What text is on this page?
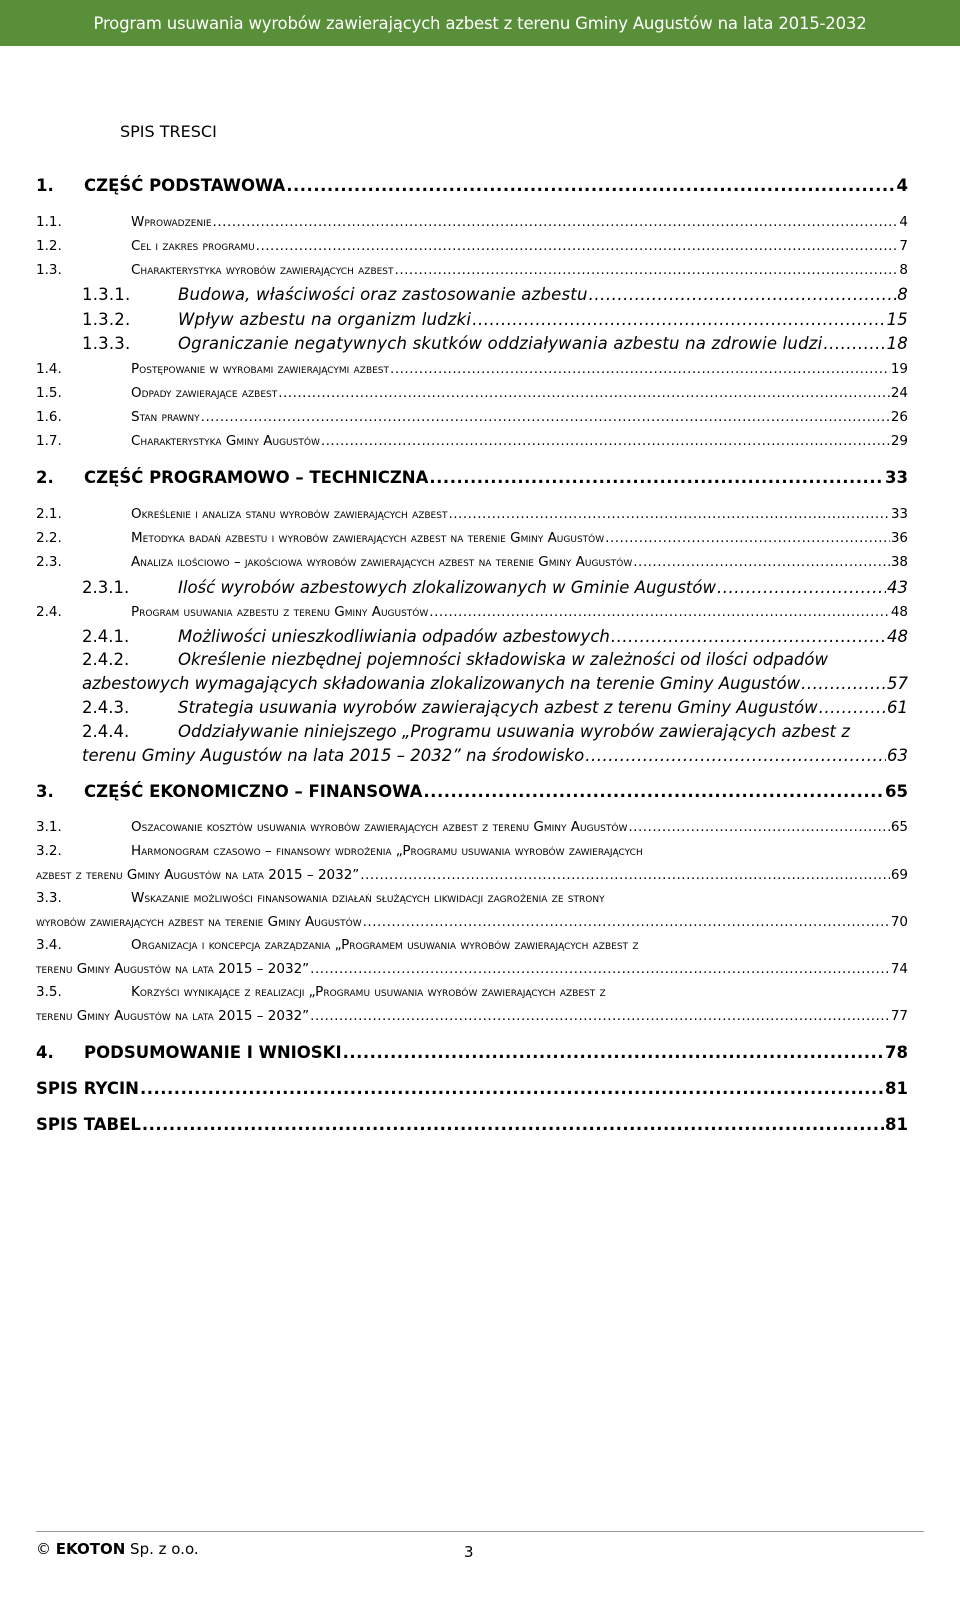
Program usuwania wyrobów zawierających azbest z terenu Gminy Augustów na lata 2015-2032
SPIS TRESCI
1. CZĘŚĆ PODSTAWOWA .....	4
1.1.	Wprowadzenie .....	4
1.2.	Cel i zakres programu .....	7
1.3.	Charakterystyka wyrobów zawierających azbest .....	8
1.3.1.	Budowa, właściwości oraz zastosowanie azbestu .....	8
1.3.2.	Wpływ azbestu na organizm ludzki .....	15
1.3.3.	Ograniczanie negatywnych skutków oddziaływania azbestu na zdrowie ludzi .....	18
1.4.	Postępowanie w wyrobami zawierającymi azbest .....	19
1.5.	Odpady zawierające azbest .....	24
1.6.	Stan prawny .....	26
1.7.	Charakterystyka Gminy Augustów .....	29
2. CZĘŚĆ PROGRAMOWO – TECHNICZNA .....	33
2.1.	Określenie i analiza stanu wyrobów zawierających azbest .....	33
2.2.	Metodyka badań azbestu i wyrobów zawierających azbest na terenie Gminy Augustów .....	36
2.3.	Analiza ilościowo – jakościowa wyrobów zawierających azbest na terenie Gminy Augustów .....	38
2.3.1.	Ilość wyrobów azbestowych zlokalizowanych w Gminie Augustów .....	43
2.4.	Program usuwania azbestu z terenu Gminy Augustów .....	48
2.4.1.	Możliwości unieszkodliwiania odpadów azbestowych .....	48
2.4.2.	Określenie niezbędnej pojemności składowiska w zależności od ilości odpadów
azbestowych wymagających składowania zlokalizowanych na terenie Gminy Augustów .....	57
2.4.3.	Strategia usuwania wyrobów zawierających azbest z terenu Gminy Augustów .....	61
2.4.4.	Oddziaływanie niniejszego „Programu usuwania wyrobów zawierających azbest z
terenu Gminy Augustów na lata 2015 – 2032” na środowisko .....	63
3. CZĘŚĆ EKONOMICZNO – FINANSOWA .....	65
3.1.	Oszacowanie kosztów usuwania wyrobów zawierających azbest z terenu Gminy Augustów .....	65
3.2.	Harmonogram czasowo – finansowy wdrożenia „Programu usuwania wyrobów zawierających
azbest z terenu Gminy Augustów na lata 2015 – 2032” .....	69
3.3.	Wskazanie możliwości finansowania działań służących likwidacji zagrożenia ze strony
wyrobów zawierających azbest na terenie Gminy Augustów .....	70
3.4.	Organizacja i koncepcja zarządzania „Programem usuwania wyrobów zawierających azbest z
terenu Gminy Augustów na lata 2015 – 2032” .....	74
3.5.	Korzyści wynikające z realizacji „Programu usuwania wyrobów zawierających azbest z
terenu Gminy Augustów na lata 2015 – 2032” .....	77
4. PODSUMOWANIE I WNIOSKI .....	78
SPIS RYCIN .....	81
SPIS TABEL .....	81
© EKOTON Sp. z o.o.	3
